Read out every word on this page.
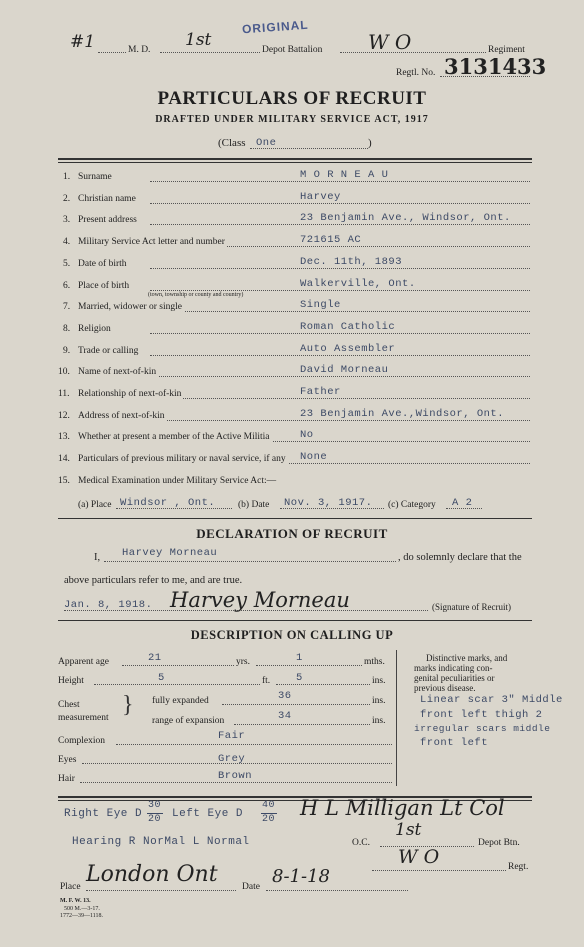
#1	M. D. 1st
ORIGINAL
Depot Battalion W O	Regiment
Regtl. No. 3131433
PARTICULARS OF RECRUIT
DRAFTED UNDER MILITARY SERVICE ACT, 1917
(Class One	)
1. Surname	M O R N E A U
2. Christian name	Harvey
3. Present address	23 Benjamin Ave., Windsor, Ont.
4. Military Service Act letter and number	721615 AC
5. Date of birth	Dec. 11th, 1893
6. Place of birth
(town, township or county and country)
Walkerville, Ont.
7. Married, widower or single	Single
8. Religion	Roman Catholic
9. Trade or calling	Auto Assembler
10. Name of next-of-kin	David Morneau
11. Relationship of next-of-kin	Father
12. Address of next-of-kin	23 Benjamin Ave.,Windsor, Ont.
13. Whether at present a member of the Active Militia	No
14. Particulars of previous military or naval service, if any None
15. Medical Examination under Military Service Act:—
(a) Place Windsor , Ont. (b) Date Nov. 3, 1917. (c) Category A 2
DECLARATION OF RECRUIT
I, Harvey Morneau	, do solemnly declare that the
above particulars refer to me, and are true.
Jan. 8, 1918. Harvey Morneau	(Signature of Recruit)
DESCRIPTION ON CALLING UP
Apparent age	21	yrs.	1	mths.
Height	5	ft. 5	ins.
Chest
measurement } fully expanded	36	ins.
range of expansion	34	ins.
Complexion	Fair
Eyes	Grey
Hair	Brown
Distinctive marks, and
marks indicating con-
genital peculiarities or
previous disease.
Linear scar 3" Middle
front left thigh 2
irregular scars middle
front left
Right Eye D
30
20 Left Eye D
40
20
Hearing R NorMal L Normal
H L Milligan Lt Col
O.C.
1st
Depot Btn.
W O	Regt.
Place London Ont	Date 8-1-18
M. F. W. 13.
500 M.—3-17.
1772—39—1118.
